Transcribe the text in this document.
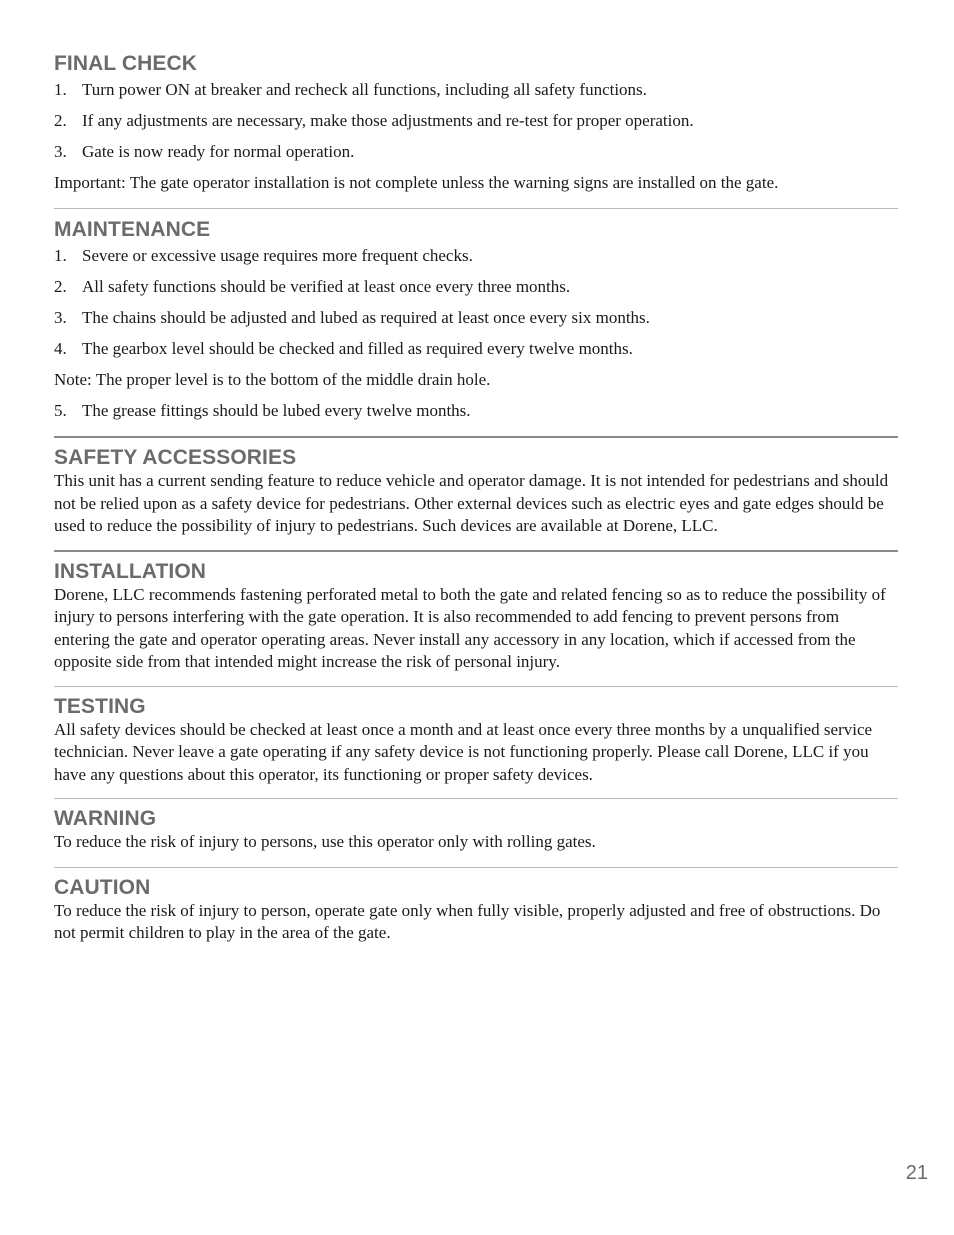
FINAL CHECK
1. Turn power ON at breaker and recheck all functions, including all safety functions.
2. If any adjustments are necessary, make those adjustments and re-test for proper operation.
3. Gate is now ready for normal operation.

Important: The gate operator installation is not complete unless the warning signs are installed on the gate.

MAINTENANCE
1. Severe or excessive usage requires more frequent checks.
2. All safety functions should be verified at least once every three months.
3. The chains should be adjusted and lubed as required at least once every six months.
4. The gearbox level should be checked and filled as required every twelve months.

Note: The proper level is to the bottom of the middle drain hole.

5. The grease fittings should be lubed every twelve months.
SAFETY ACCESSORIES

This unit has a current sending feature to reduce vehicle and operator damage. It is not intended for pedestrians and should not be relied upon as a safety device for pedestrians. Other external devices such as electric eyes and gate edges should be used to reduce the possibility of injury to pedestrians. Such devices are available at Dorene, LLC.

INSTALLATION

Dorene, LLC recommends fastening perforated metal to both the gate and related fencing so as to reduce the possibility of injury to persons interfering with the gate operation. It is also recommended to add fencing to prevent persons from entering the gate and operator operating areas. Never install any accessory in any location, which if accessed from the opposite side from that intended might increase the risk of personal injury.

TESTING

All safety devices should be checked at least once a month and at least once every three months by a unqualified service technician. Never leave a gate operating if any safety device is not functioning properly. Please call Dorene, LLC if you have any questions about this operator, its functioning or proper safety devices.

WARNING

To reduce the risk of injury to persons, use this operator only with rolling gates.

CAUTION

To reduce the risk of injury to person, operate gate only when fully visible, properly adjusted and free of obstructions. Do not permit children to play in the area of the gate.

21
